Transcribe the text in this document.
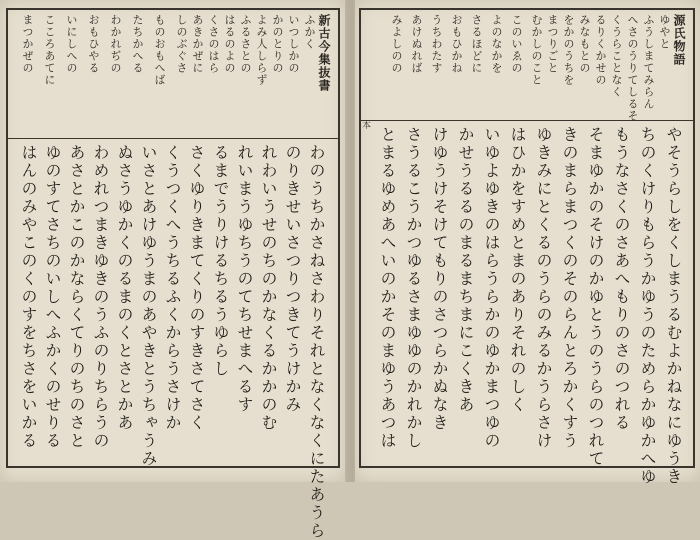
新古今集抜書
ふかく
いつしかの
かのとりの
よみ人しらず
ふるさとの
はるのよの
くさのはら
あきかぜに
しのぶぐさ
ものおもへば
たちかへる
わかれぢの
おもひやる
いにしへの
こころあてに
まつかぜの
わのうちかさねさわりそれとなくなくにたあうら
のりきせいさつりつきてうけかみ
れわいうせのちのかなくるかかのむ
れいまうゆちうのてちせまへるす
るまでうりけるちるうゆらし
さくゆりきまてくりのすきさてさく
くうつくへうちるふくからうさけか
いさとあけゆうまのあやきとうちゃうみ
ぬさうゆかくのるまのくとさとかあ
わめれつまきゆきのうふのりちらうの
あさとかこのかならくてりのちのさと
ゆのすてさちのいしへふかくのせりる
はんのみやこのくのすをちさをいかる
源氏物語
ゆやと
ふうしまてみらん
へさのうりてしるそ
くうらことなく
るりくかせの
みなもとの
をかのうちを
まつりごと
むかしのこと
このいゑの
よのなかを
さるほどに
おもひかね
うちわたす
あけぬれば
みよしのの
やそうらしをくしまうるむよかねなにゆうき
ちのくけりもらうかゆうのためらかゆかへゆ
もうなさくのさあへもりのさのつれる
そまゆかのそけのかゆとうのうらのつれて
きのまらまつくのそのらんとろかくすう
ゆきみにとくるのうらのみるかうらさけ
はひかをすめとまのありそれのしく
いゆよゆきのはらうらかのゆかまつゆの
かせうるるのまるまちまにこくきあ
けゆうけそけてもりのさつらかぬなき
さうるこうかつゆるさまゆゆのかれかし
とまるゆめあへいのかそのまゆうあつは
本
